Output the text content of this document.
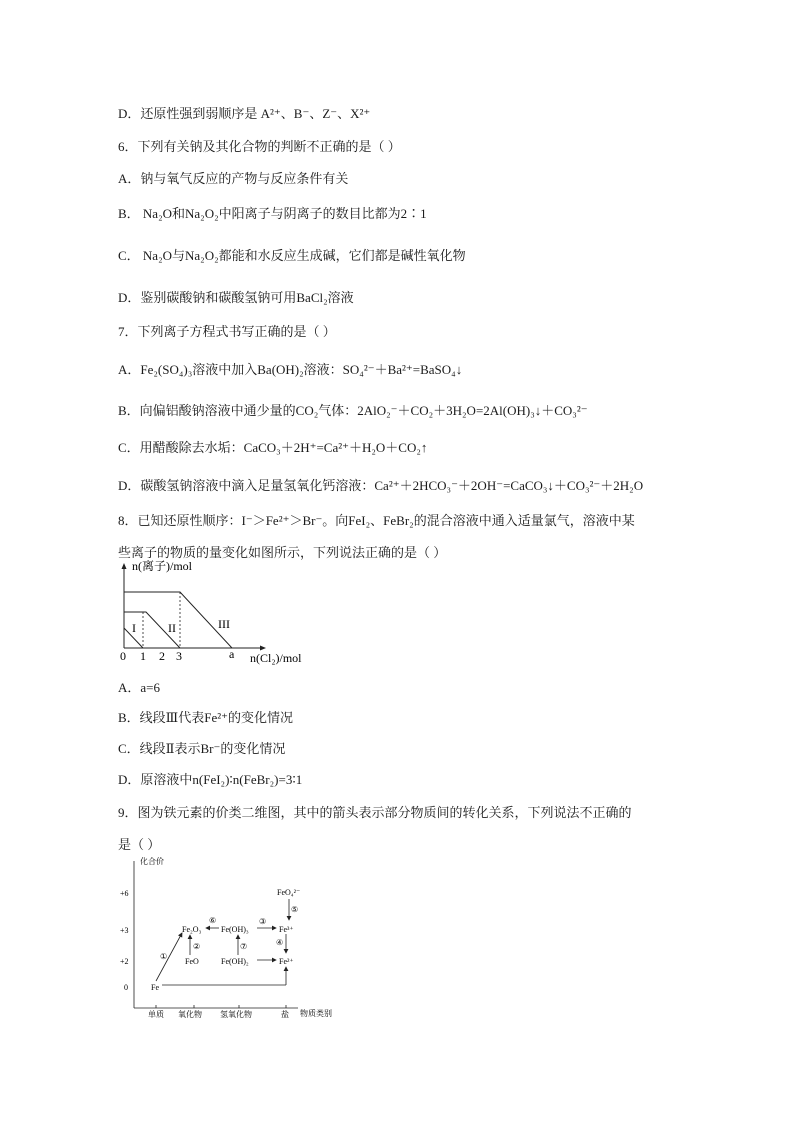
D．还原性强到弱顺序是 A²⁺、B⁻、Z⁻、X²⁺
6．下列有关钠及其化合物的判断不正确的是（ ）
A．钠与氧气反应的产物与反应条件有关
B． Na₂O和Na₂O₂中阳离子与阴离子的数目比都为2∶1
C． Na₂O与Na₂O₂都能和水反应生成碱，它们都是碱性氧化物
D．鉴别碳酸钠和碳酸氢钠可用BaCl₂溶液
7．下列离子方程式书写正确的是（ ）
A．Fe₂(SO₄)₃溶液中加入Ba(OH)₂溶液：SO₄²⁻＋Ba²⁺=BaSO₄↓
B．向偏铝酸钠溶液中通少量的CO₂气体：2AlO₂⁻＋CO₂＋3H₂O=2Al(OH)₃↓＋CO₃²⁻
C．用醋酸除去水垢：CaCO₃＋2H⁺=Ca²⁺＋H₂O＋CO₂↑
D．碳酸氢钠溶液中滴入足量氢氧化钙溶液：Ca²⁺＋2HCO₃⁻＋2OH⁻=CaCO₃↓＋CO₃²⁻＋2H₂O
8．已知还原性顺序：I⁻＞Fe²⁺＞Br⁻。向FeI₂、FeBr₂的混合溶液中通入适量氯气，溶液中某
些离子的物质的量变化如图所示，下列说法正确的是（ ）
n(离子)/mol
n(Cl₂)/mol
0 1 2 3	a
I	II	III
A．a=6
B．线段Ⅲ代表Fe²⁺的变化情况
C．线段Ⅱ表示Br⁻的变化情况
D．原溶液中n(FeI₂)∶n(FeBr₂)=3∶1
9．图为铁元素的价类二维图，其中的箭头表示部分物质间的转化关系，下列说法不正确的
是（ ）
化合价
物质类别
+6
+3
+2
0
单质 氧化物 氢氧化物	盐
FeO₄²⁻
Fe₂O₃ Fe(OH)₃	Fe³⁺
FeO	Fe(OH)₂	Fe²⁺
Fe
①
②
③
④
⑤
⑥
⑦
